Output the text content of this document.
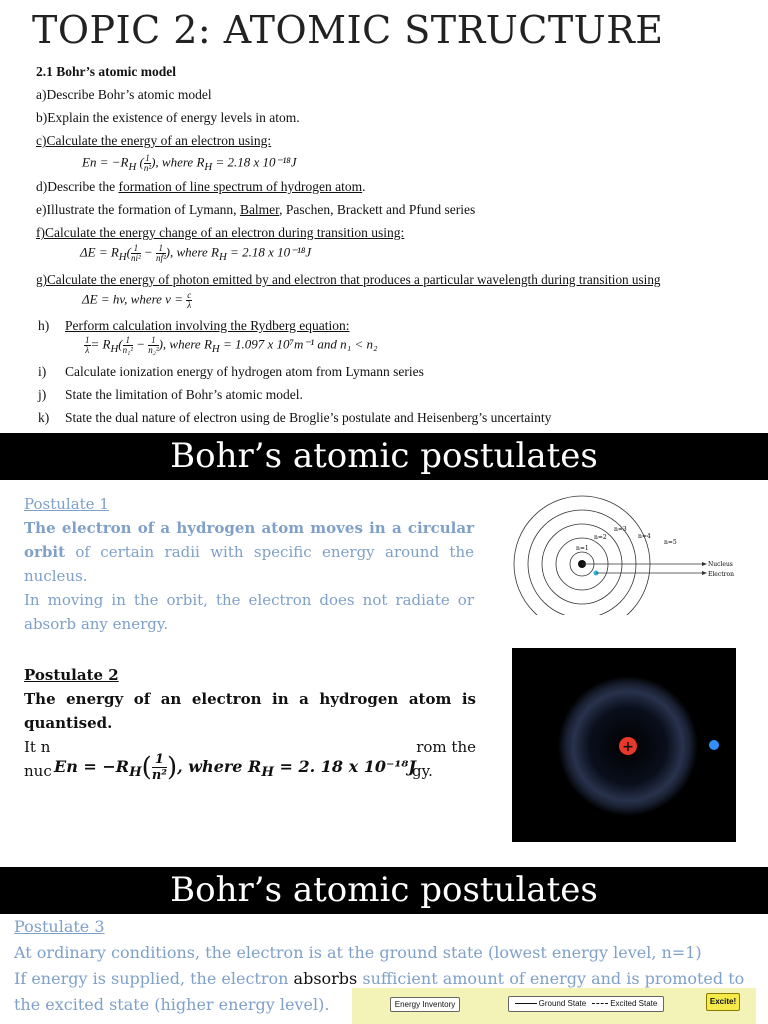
TOPIC 2: ATOMIC STRUCTURE
2.1 Bohr’s atomic model
a)Describe Bohr’s atomic model
b)Explain the existence of energy levels in atom.
c)Calculate the energy of an electron using:
$En = -R_H$ ( $\frac{1}{\text{n²}}$ ), where $R_H = 2.18$ x 10⁻¹⁸J
d)Describe the formation of line spectrum of hydrogen atom.
e)Illustrate the formation of Lymann, Balmer, Paschen, Brackett and Pfund series
f)Calculate the energy change of an electron during transition using:
$\Delta E = R_H( \frac{1}{\text{ni²}} - \frac{1}{\text{nf²}}$ ), where $R_H = 2.18$ x 10⁻¹⁸J
g)Calculate the energy of photon emitted by and electron that produces a particular wavelength during transition using
ΔE = hv, where $v = \frac{c}{\lambda}$
h) Perform calculation involving the Rydberg equation:
$\frac{1}{\lambda} = R_H( \frac{1}{\text{n₁²}} - \frac{1}{\text{n₂²}}$ ), where $R_H = 1.097$ x 10⁷m⁻¹ and n₁ < n₂
i) Calculate ionization energy of hydrogen atom from Lymann series
j) State the limitation of Bohr’s atomic model.
k) State the dual nature of electron using de Broglie’s postulate and Heisenberg’s uncertainty
Bohr’s atomic postulates
Postulate 1
The electron of a hydrogen atom moves in a circular
orbit of certain radii with specific energy around the
nucleus.
In moving in the orbit, the electron does not radiate or
absorb any energy.
n=1
n=2
n=3
n=4
n=5
Nucleus
Electron
Postulate 2
The energy of an electron in a hydrogen atom is
quantised.
It n	rom the
nuc	gy.
$En = -R_H( \frac{1}{\text{n²}}$ ), where $R_H = 2$. 18 x 10⁻¹⁸J
+
Bohr’s atomic postulates
Postulate 3
At ordinary conditions, the electron is at the ground state (lowest energy level, n=1)
If energy is supplied, the electron absorbs sufficient amount of energy and is promoted to
the excited state (higher energy level).	Energy Inventory	Ground State	Excited State	Excite!
